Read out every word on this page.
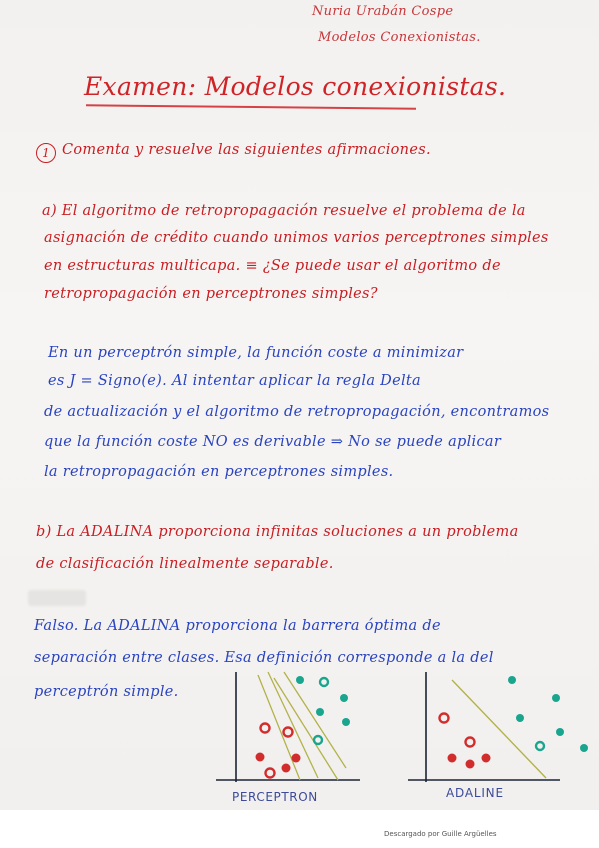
Nuria Urabán Cospe
Modelos Conexionistas.
Examen: Modelos conexionistas.
1 Comenta y resuelve las siguientes afirmaciones.
a) El algoritmo de retropropagación resuelve el problema de la
asignación de crédito cuando unimos varios perceptrones simples
en estructuras multicapa. ≡ ¿Se puede usar el algoritmo de
retropropagación en perceptrones simples?
En un perceptrón simple, la función coste a minimizar
es J = Signo(e). Al intentar aplicar la regla Delta
de actualización y el algoritmo de retropropagación, encontramos
que la función coste NO es derivable ⇒ No se puede aplicar
la retropropagación en perceptrones simples.
b) La ADALINA proporciona infinitas soluciones a un problema
de clasificación linealmente separable.
Falso. La ADALINA proporciona la barrera óptima de
separación entre clases. Esa definición corresponde a la del
perceptrón simple.
PERCEPTRON	ADALINE
Descargado por Guille Argüelles
